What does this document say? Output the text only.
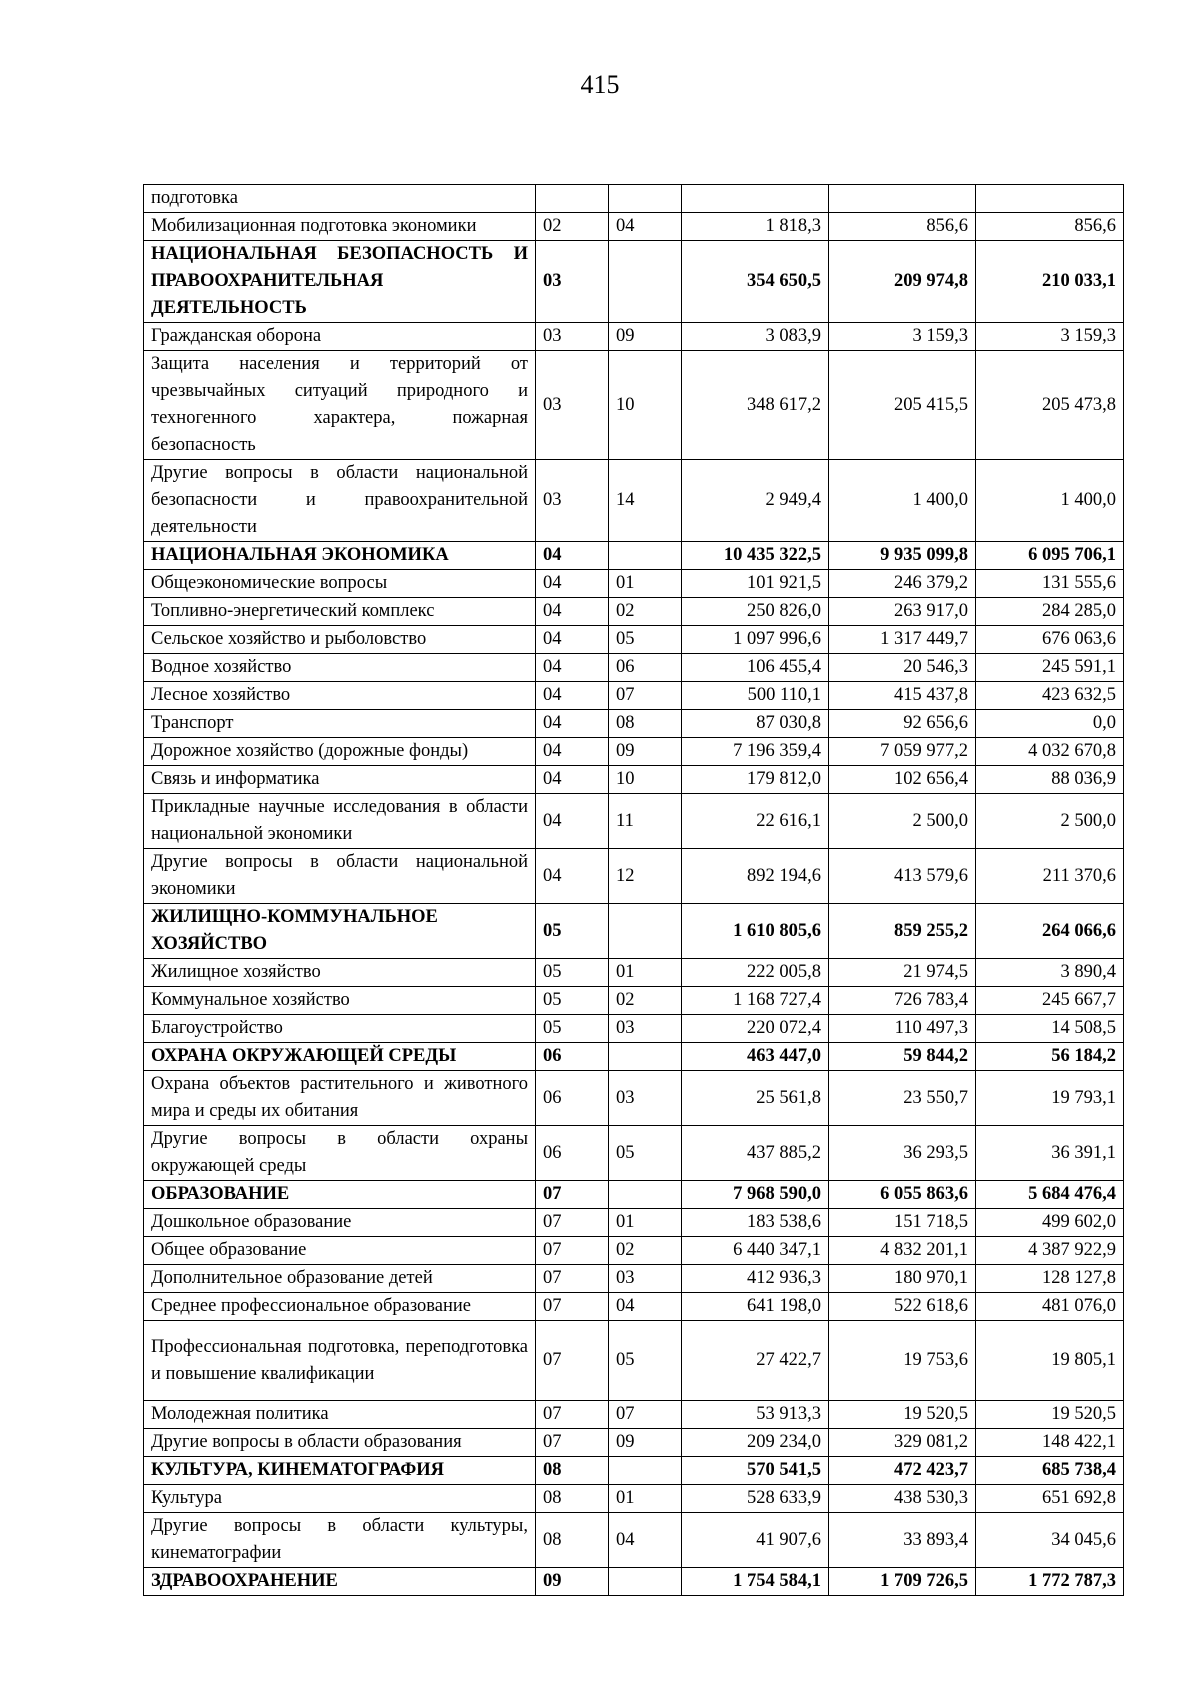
415
подготовка					
Мобилизационная подготовка экономики	02	04	1 818,3	856,6	856,6
НАЦИОНАЛЬНАЯ БЕЗОПАСНОСТЬ И ПРАВООХРАНИТЕЛЬНАЯ ДЕЯТЕЛЬНОСТЬ	03		354 650,5	209 974,8	210 033,1
Гражданская оборона	03	09	3 083,9	3 159,3	3 159,3
Защита населения и территорий от чрезвычайных ситуаций природного и техногенного характера, пожарная безопасность	03	10	348 617,2	205 415,5	205 473,8
Другие вопросы в области национальной безопасности и правоохранительной деятельности	03	14	2 949,4	1 400,0	1 400,0
НАЦИОНАЛЬНАЯ ЭКОНОМИКА	04		10 435 322,5	9 935 099,8	6 095 706,1
Общеэкономические вопросы	04	01	101 921,5	246 379,2	131 555,6
Топливно-энергетический комплекс	04	02	250 826,0	263 917,0	284 285,0
Сельское хозяйство и рыболовство	04	05	1 097 996,6	1 317 449,7	676 063,6
Водное хозяйство	04	06	106 455,4	20 546,3	245 591,1
Лесное хозяйство	04	07	500 110,1	415 437,8	423 632,5
Транспорт	04	08	87 030,8	92 656,6	0,0
Дорожное хозяйство (дорожные фонды)	04	09	7 196 359,4	7 059 977,2	4 032 670,8
Связь и информатика	04	10	179 812,0	102 656,4	88 036,9
Прикладные научные исследования в области национальной экономики	04	11	22 616,1	2 500,0	2 500,0
Другие вопросы в области национальной экономики	04	12	892 194,6	413 579,6	211 370,6
ЖИЛИЩНО-КОММУНАЛЬНОЕ ХОЗЯЙСТВО	05		1 610 805,6	859 255,2	264 066,6
Жилищное хозяйство	05	01	222 005,8	21 974,5	3 890,4
Коммунальное хозяйство	05	02	1 168 727,4	726 783,4	245 667,7
Благоустройство	05	03	220 072,4	110 497,3	14 508,5
ОХРАНА ОКРУЖАЮЩЕЙ СРЕДЫ	06		463 447,0	59 844,2	56 184,2
Охрана объектов растительного и животного мира и среды их обитания	06	03	25 561,8	23 550,7	19 793,1
Другие вопросы в области охраны окружающей среды	06	05	437 885,2	36 293,5	36 391,1
ОБРАЗОВАНИЕ	07		7 968 590,0	6 055 863,6	5 684 476,4
Дошкольное образование	07	01	183 538,6	151 718,5	499 602,0
Общее образование	07	02	6 440 347,1	4 832 201,1	4 387 922,9
Дополнительное образование детей	07	03	412 936,3	180 970,1	128 127,8
Среднее профессиональное образование	07	04	641 198,0	522 618,6	481 076,0
Профессиональная подготовка, переподготовка и повышение квалификации	07	05	27 422,7	19 753,6	19 805,1
Молодежная политика	07	07	53 913,3	19 520,5	19 520,5
Другие вопросы в области образования	07	09	209 234,0	329 081,2	148 422,1
КУЛЬТУРА, КИНЕМАТОГРАФИЯ	08		570 541,5	472 423,7	685 738,4
Культура	08	01	528 633,9	438 530,3	651 692,8
Другие вопросы в области культуры, кинематографии	08	04	41 907,6	33 893,4	34 045,6
ЗДРАВООХРАНЕНИЕ	09		1 754 584,1	1 709 726,5	1 772 787,3
